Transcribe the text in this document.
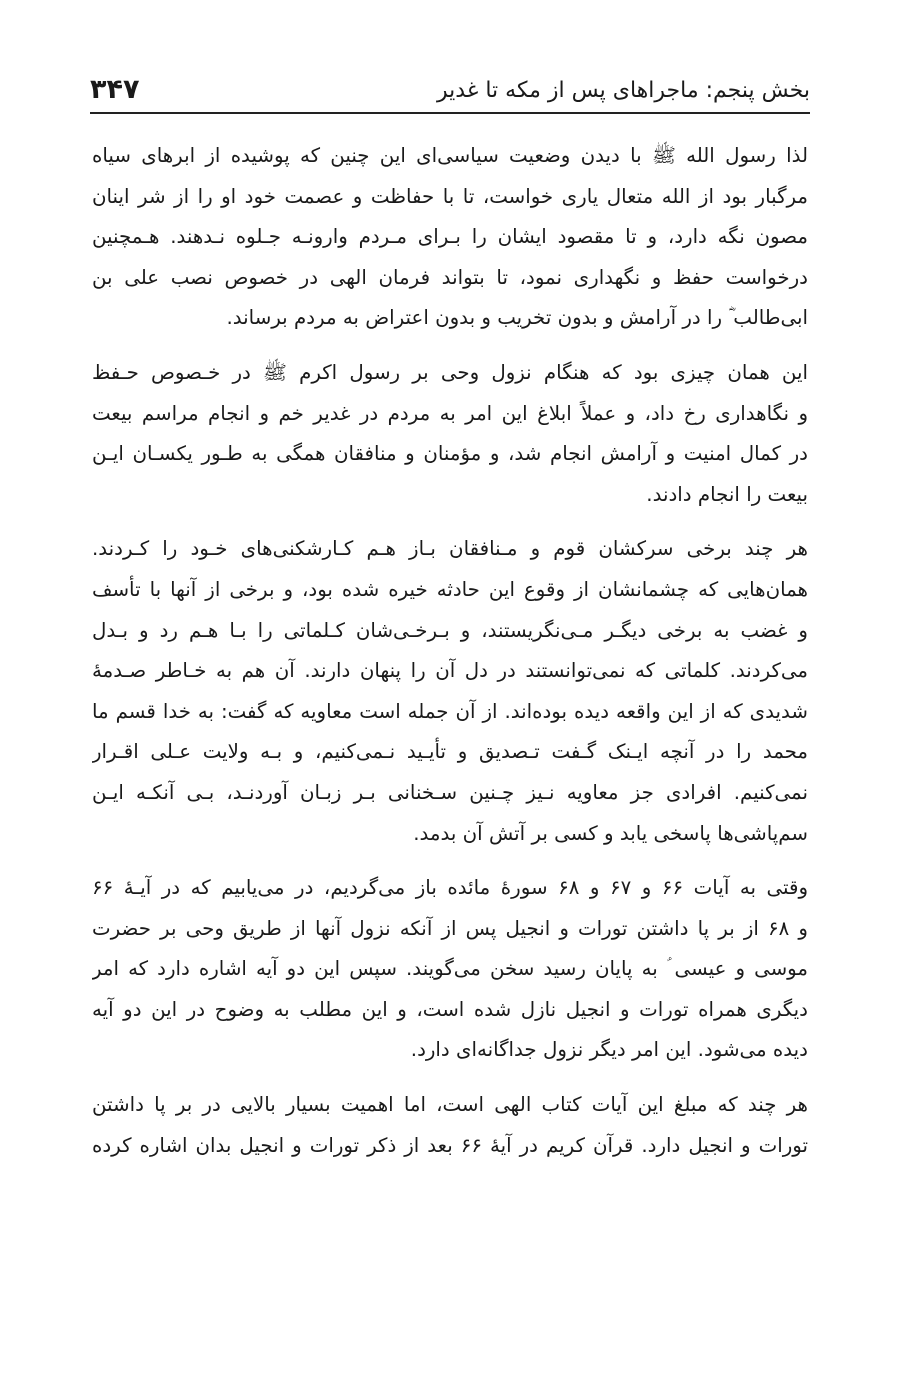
بخش پنجم: ماجراهای پس از مکه تا غدیر
۳۴۷

لذا رسول الله ﷺ با دیدن وضعیت سیاسی‌ای این چنین که پوشیده از ابرهای سیاه
مرگبار بود از الله متعال یاری خواست، تا با حفاظت و عصمت خود او را از شر اینان
مصون نگه دارد، و تا مقصود ایشان را بـرای مـردم وارونـه جـلوه نـدهند. هـمچنین
درخواست حفظ و نگهداری نمود، تا بتواند فرمان الهی در خصوص نصب علی بن
ابی‌طالب ؓ را در آرامش و بدون تخریب و بدون اعتراض به مردم برساند.

این همان چیزی بود که هنگام نزول وحی بر رسول اکرم ﷺ در خـصوص حـفظ
و نگاهداری رخ داد، و عملاً ابلاغ این امر به مردم در غدیر خم و انجام مراسم بیعت
در کمال امنیت و آرامش انجام شد، و مؤمنان و منافقان همگی به طـور یکسـان ایـن
بیعت را انجام دادند.

هر چند برخی سرکشان قوم و مـنافقان بـاز هـم کـارشکنی‌های خـود را کـردند.
همان‌هایی که چشمانشان از وقوع این حادثه خیره شده بود، و برخی از آنها با تأسف
و غضب به برخی دیگـر مـی‌نگریستند، و بـرخـی‌شان کـلماتی را بـا هـم رد و بـدل
می‌کردند. کلماتی که نمی‌توانستند در دل آن را پنهان دارند. آن هم به خـاطر صـدمهٔ
شدیدی که از این واقعه دیده بوده‌اند. از آن جمله است معاویه که گفت: به خدا قسم ما
محمد را در آنچه ایـنک گـفت تـصدیق و تأیـید نـمی‌کنیم، و بـه ولایت عـلی اقـرار
نمی‌کنیم. افرادی جز معاویه نـیز چـنین سـخنانی بـر زبـان آوردنـد، بـی آنکـه ایـن
سم‌پاشی‌ها پاسخی یابد و کسی بر آتش آن بدمد.

وقتی به آیات ۶۶ و ۶۷ و ۶۸ سورهٔ مائده باز می‌گردیم، در می‌یابیم که در آیـهٔ ۶۶
و ۶۸ از بر پا داشتن تورات و انجیل پس از آنکه نزول آنها از طریق وحی بر حضرت
موسی و عیسی ؑ به پایان رسید سخن می‌گویند. سپس این دو آیه اشاره دارد که امر
دیگری همراه تورات و انجیل نازل شده است، و این مطلب به وضوح در این دو آیه
دیده می‌شود. این امر دیگر نزول جداگانه‌ای دارد.

هر چند که مبلغ این آیات کتاب الهی است، اما اهمیت بسیار بالایی در بر پا داشتن
تورات و انجیل دارد. قرآن کریم در آیهٔ ۶۶ بعد از ذکر تورات و انجیل بدان اشاره کرده
